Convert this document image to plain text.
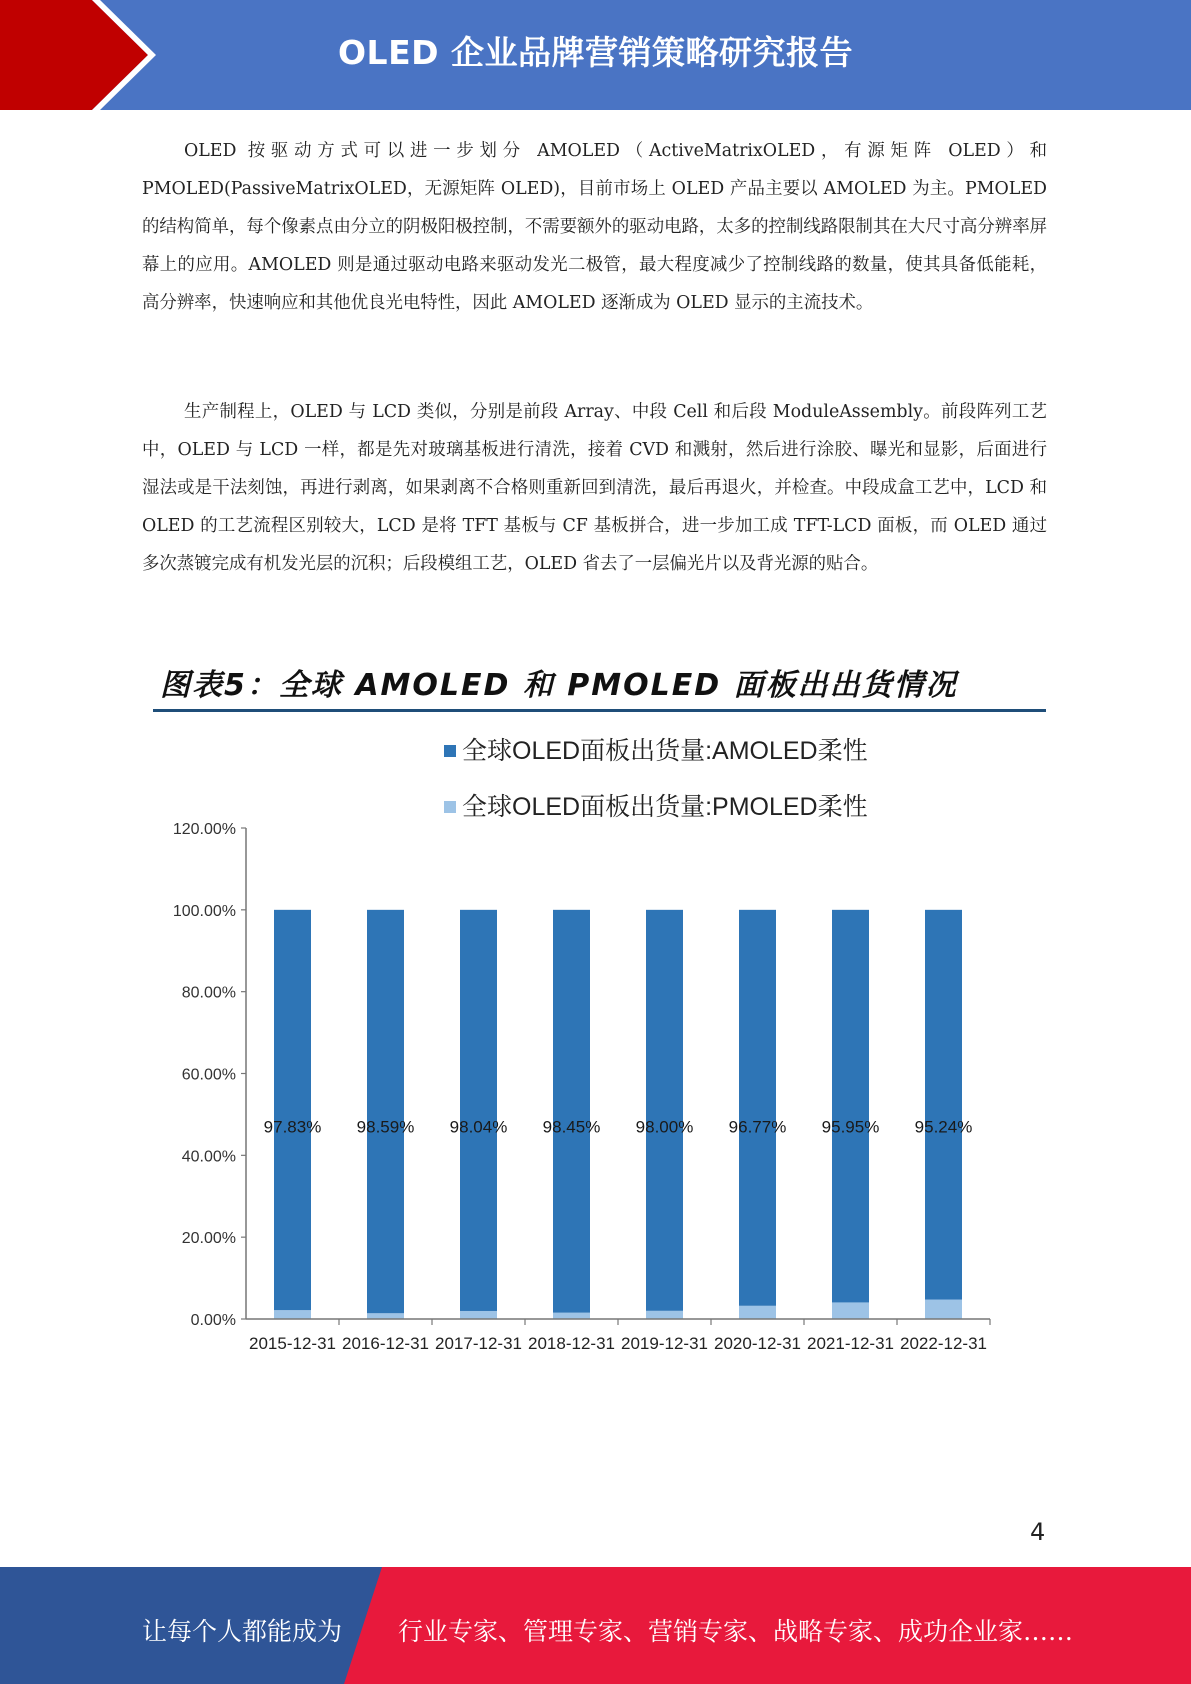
OLED 企业品牌营销策略研究报告

OLED 按驱动方式可以进一步划分 AMOLED（ActiveMatrixOLED，有源矩阵 OLED）和 PMOLED(PassiveMatrixOLED，无源矩阵 OLED)，目前市场上 OLED 产品主要以 AMOLED 为主。PMOLED 的结构简单，每个像素点由分立的阴极阳极控制，不需要额外的驱动电路，太多的控制线路限制其在大尺寸高分辨率屏幕上的应用。AMOLED 则是通过驱动电路来驱动发光二极管，最大程度减少了控制线路的数量，使其具备低能耗，高分辨率，快速响应和其他优良光电特性，因此 AMOLED 逐渐成为 OLED 显示的主流技术。

生产制程上，OLED 与 LCD 类似，分别是前段 Array、中段 Cell 和后段 ModuleAssembly。前段阵列工艺中，OLED 与 LCD 一样，都是先对玻璃基板进行清洗，接着 CVD 和溅射，然后进行涂胶、曝光和显影，后面进行湿法或是干法刻蚀，再进行剥离，如果剥离不合格则重新回到清洗，最后再退火，并检查。中段成盒工艺中，LCD 和 OLED 的工艺流程区别较大，LCD 是将 TFT 基板与 CF 基板拼合，进一步加工成 TFT-LCD 面板，而 OLED 通过多次蒸镀完成有机发光层的沉积；后段模组工艺，OLED 省去了一层偏光片以及背光源的贴合。

图表5：全球 AMOLED 和 PMOLED 面板出出货情况
全球OLED面板出货量:AMOLED柔性
全球OLED面板出货量:PMOLED柔性
0.00%
20.00%
40.00%
60.00%
80.00%
100.00%
120.00%
97.83% 98.59% 98.04% 98.45% 98.00% 96.77% 95.95% 95.24%
2015-12-31 2016-12-31 2017-12-31 2018-12-31 2019-12-31 2020-12-31 2021-12-31 2022-12-31
4
让每个人都能成为 行业专家、管理专家、营销专家、战略专家、成功企业家……
